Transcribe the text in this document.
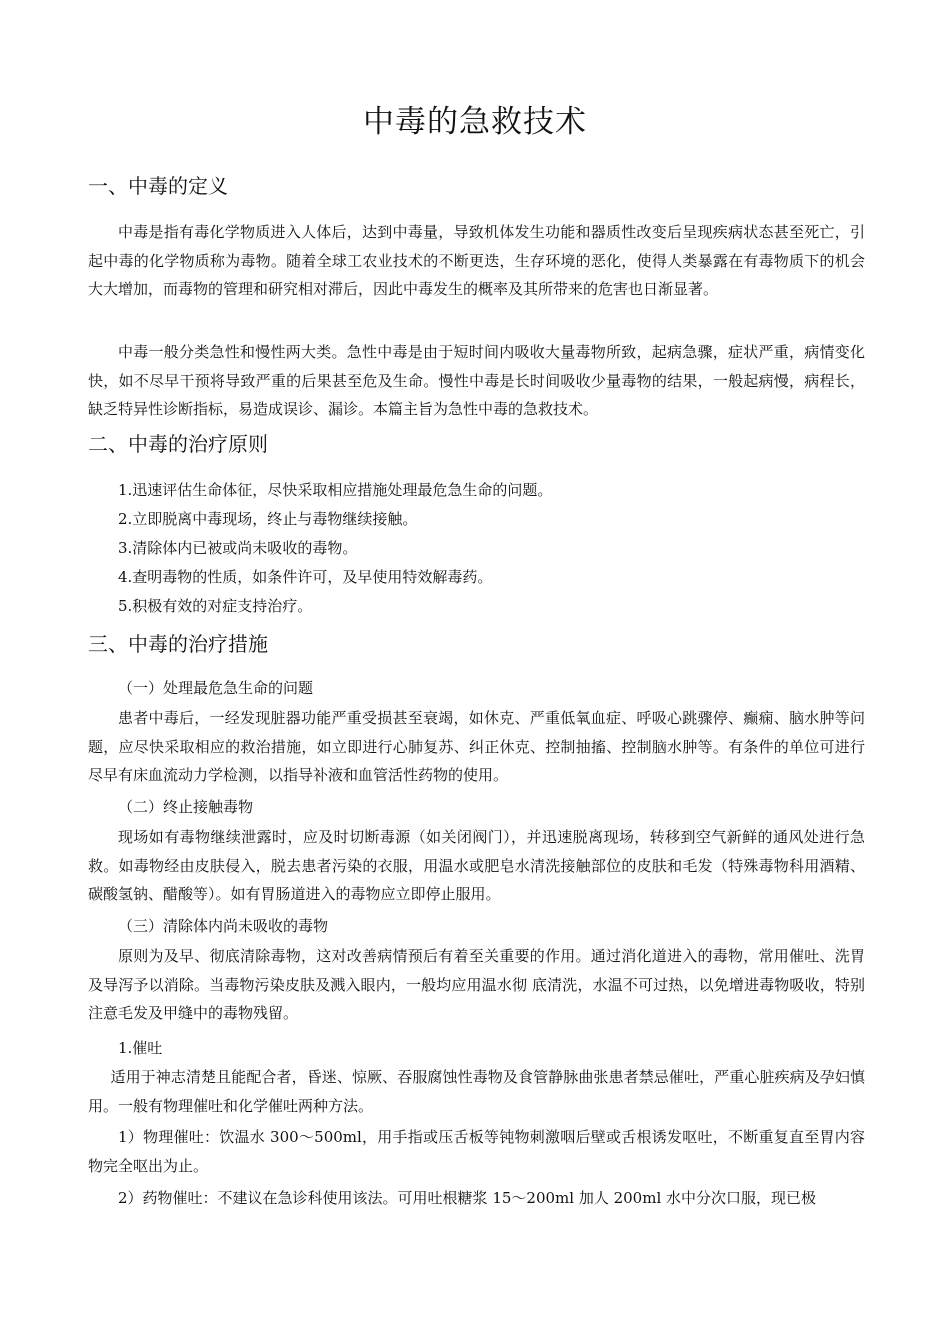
中毒的急救技术
一、中毒的定义

中毒是指有毒化学物质进入人体后，达到中毒量，导致机体发生功能和器质性改变后呈现疾病状态甚至死亡，引起中毒的化学物质称为毒物。随着全球工农业技术的不断更迭，生存环境的恶化，使得人类暴露在有毒物质下的机会大大增加，而毒物的管理和研究相对滞后，因此中毒发生的概率及其所带来的危害也日渐显著。

中毒一般分类急性和慢性两大类。急性中毒是由于短时间内吸收大量毒物所致，起病急骤，症状严重，病情变化快，如不尽早干预将导致严重的后果甚至危及生命。慢性中毒是长时间吸收少量毒物的结果，一般起病慢，病程长，缺乏特异性诊断指标，易造成误诊、漏诊。本篇主旨为急性中毒的急救技术。

二、中毒的治疗原则

1.迅速评估生命体征，尽快采取相应措施处理最危急生命的问题。

2.立即脱离中毒现场，终止与毒物继续接触。

3.清除体内已被或尚未吸收的毒物。

4.查明毒物的性质，如条件许可，及早使用特效解毒药。

5.积极有效的对症支持治疗。

三、中毒的治疗措施

（一）处理最危急生命的问题

患者中毒后，一经发现脏器功能严重受损甚至衰竭，如休克、严重低氧血症、呼吸心跳骤停、癫痫、脑水肿等问题，应尽快采取相应的救治措施，如立即进行心肺复苏、纠正休克、控制抽搐、控制脑水肿等。有条件的单位可进行尽早有床血流动力学检测，以指导补液和血管活性药物的使用。

（二）终止接触毒物

现场如有毒物继续泄露时，应及时切断毒源（如关闭阀门），并迅速脱离现场，转移到空气新鲜的通风处进行急救。如毒物经由皮肤侵入，脱去患者污染的衣服，用温水或肥皂水清洗接触部位的皮肤和毛发（特殊毒物科用酒精、碳酸氢钠、醋酸等）。如有胃肠道进入的毒物应立即停止服用。

（三）清除体内尚未吸收的毒物

原则为及早、彻底清除毒物，这对改善病情预后有着至关重要的作用。通过消化道进入的毒物，常用催吐、洗胃及导泻予以消除。当毒物污染皮肤及溅入眼内，一般均应用温水彻 底清洗，水温不可过热，以免增进毒物吸收，特别注意毛发及甲缝中的毒物残留。

1.催吐

适用于神志清楚且能配合者，昏迷、惊厥、吞服腐蚀性毒物及食管静脉曲张患者禁忌催吐，严重心脏疾病及孕妇慎用。一般有物理催吐和化学催吐两种方法。

1）物理催吐：饮温水 300～500ml，用手指或压舌板等钝物刺激咽后壁或舌根诱发呕吐，不断重复直至胃内容物完全呕出为止。

2）药物催吐：不建议在急诊科使用该法。可用吐根糖浆 15～200ml 加人 200ml 水中分次口服，现已极
